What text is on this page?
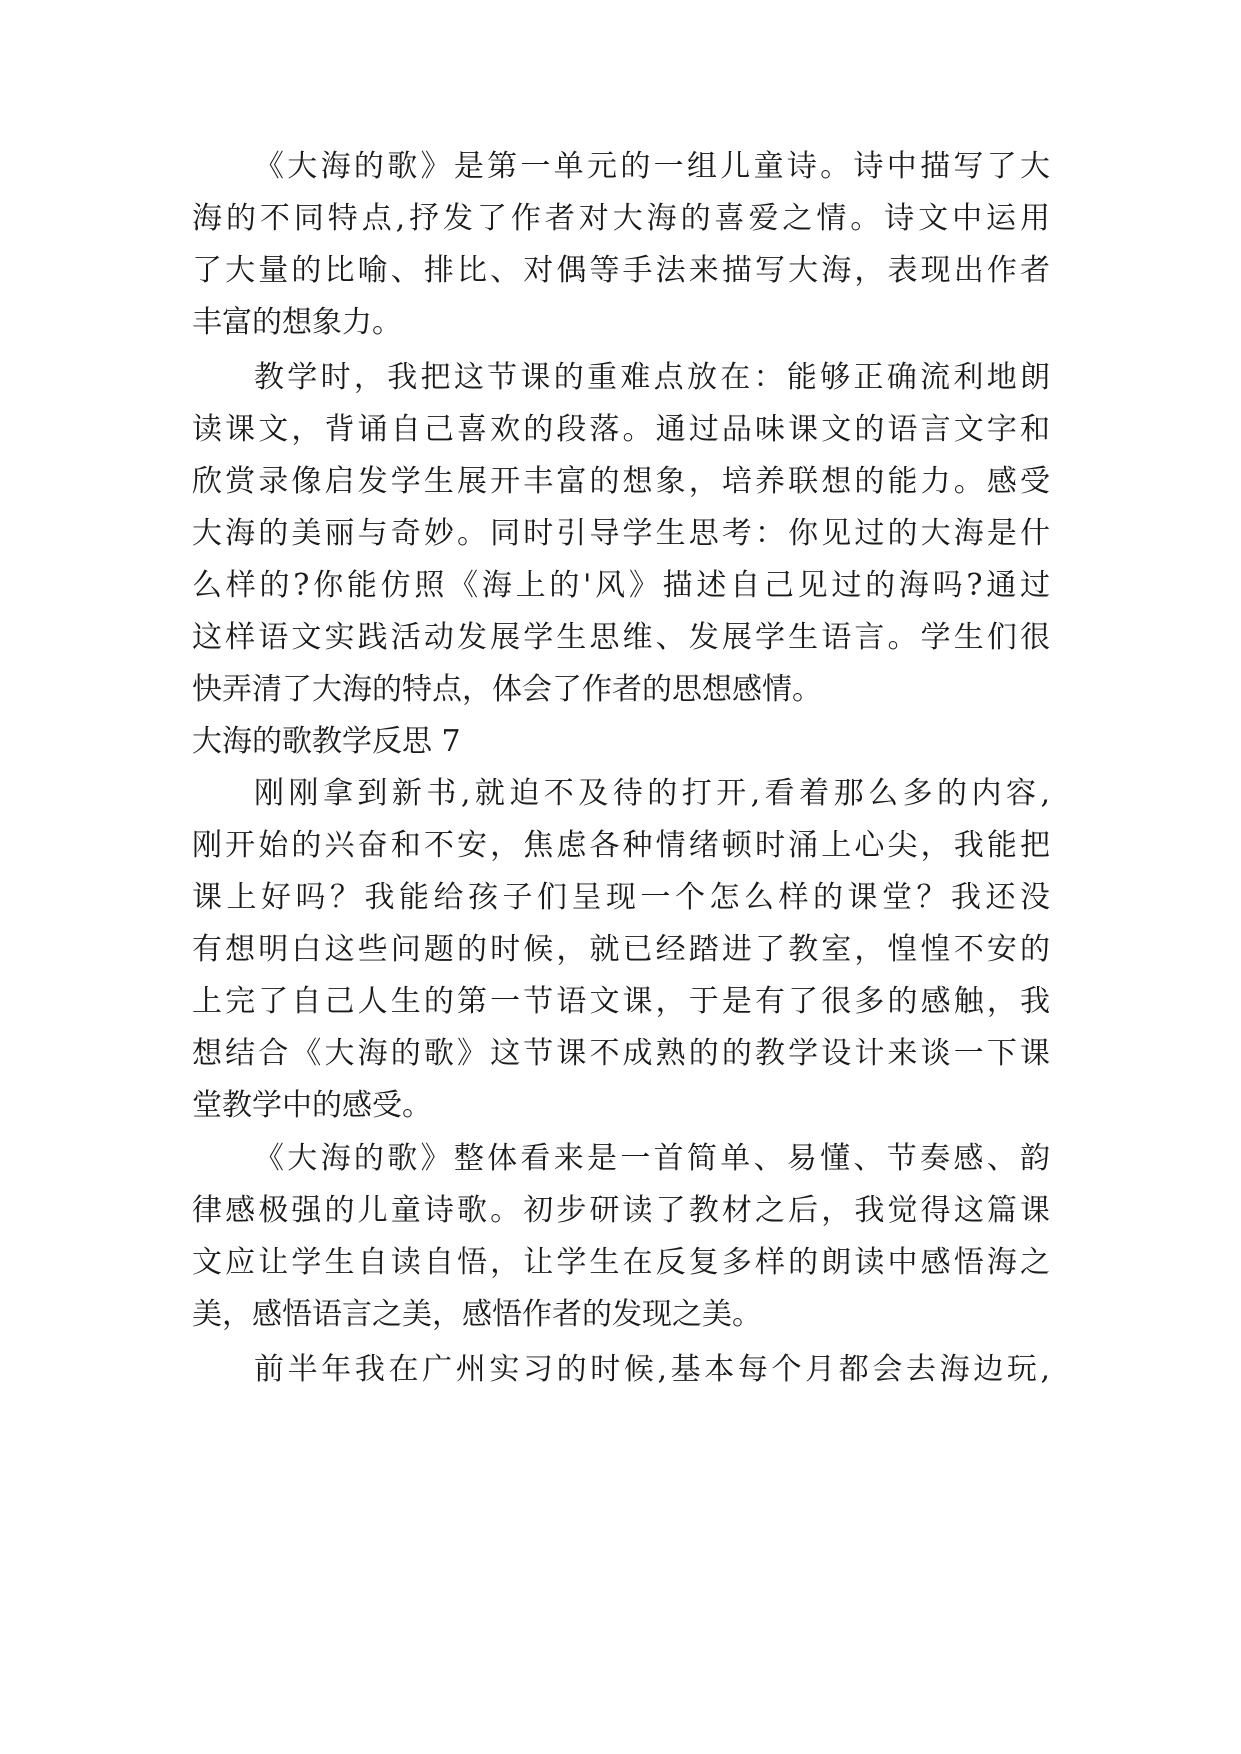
《大海的歌》是第一单元的一组儿童诗。诗中描写了大
海的不同特点,抒发了作者对大海的喜爱之情。诗文中运用
了大量的比喻、排比、对偶等手法来描写大海，表现出作者
丰富的想象力。
教学时，我把这节课的重难点放在：能够正确流利地朗
读课文，背诵自己喜欢的段落。通过品味课文的语言文字和
欣赏录像启发学生展开丰富的想象，培养联想的能力。感受
大海的美丽与奇妙。同时引导学生思考：你见过的大海是什
么样的?你能仿照《海上的'风》描述自己见过的海吗?通过
这样语文实践活动发展学生思维、发展学生语言。学生们很
快弄清了大海的特点，体会了作者的思想感情。
大海的歌教学反思 7
刚刚拿到新书,就迫不及待的打开,看着那么多的内容,
刚开始的兴奋和不安，焦虑各种情绪顿时涌上心尖，我能把
课上好吗？我能给孩子们呈现一个怎么样的课堂？我还没
有想明白这些问题的时候，就已经踏进了教室，惶惶不安的
上完了自己人生的第一节语文课，于是有了很多的感触，我
想结合《大海的歌》这节课不成熟的的教学设计来谈一下课
堂教学中的感受。
《大海的歌》整体看来是一首简单、易懂、节奏感、韵
律感极强的儿童诗歌。初步研读了教材之后，我觉得这篇课
文应让学生自读自悟，让学生在反复多样的朗读中感悟海之
美，感悟语言之美，感悟作者的发现之美。
前半年我在广州实习的时候,基本每个月都会去海边玩,
